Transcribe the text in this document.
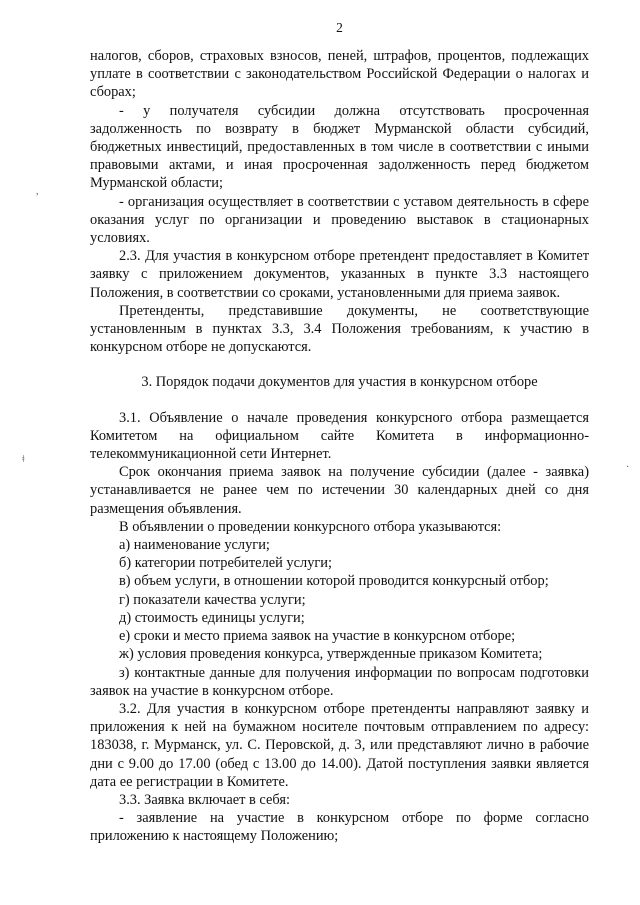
2

налогов, сборов, страховых взносов, пеней, штрафов, процентов, подлежащих уплате в соответствии с законодательством Российской Федерации о налогах и сборах;

- у получателя субсидии должна отсутствовать просроченная задолженность по возврату в бюджет Мурманской области субсидий, бюджетных инвестиций, предоставленных в том числе в соответствии с иными правовыми актами, и иная просроченная задолженность перед бюджетом Мурманской области;

- организация осуществляет в соответствии с уставом деятельность в сфере оказания услуг по организации и проведению выставок в стационарных условиях.

2.3. Для участия в конкурсном отборе претендент предоставляет в Комитет заявку с приложением документов, указанных в пункте 3.3 настоящего Положения, в соответствии со сроками, установленными для приема заявок.

Претенденты, представившие документы, не соответствующие установленным в пунктах 3.3, 3.4 Положения требованиям, к участию в конкурсном отборе не допускаются.

3. Порядок подачи документов для участия в конкурсном отборе

3.1. Объявление о начале проведения конкурсного отбора размещается Комитетом на официальном сайте Комитета в информационно-телекоммуникационной сети Интернет.

Срок окончания приема заявок на получение субсидии (далее - заявка) устанавливается не ранее чем по истечении 30 календарных дней со дня размещения объявления.

В объявлении о проведении конкурсного отбора указываются:

а) наименование услуги;

б) категории потребителей услуги;

в) объем услуги, в отношении которой проводится конкурсный отбор;

г) показатели качества услуги;

д) стоимость единицы услуги;

е) сроки и место приема заявок на участие в конкурсном отборе;

ж) условия проведения конкурса, утвержденные приказом Комитета;

з) контактные данные для получения информации по вопросам подготовки заявок на участие в конкурсном отборе.

3.2. Для участия в конкурсном отборе претенденты направляют заявку и приложения к ней на бумажном носителе почтовым отправлением по адресу: 183038, г. Мурманск, ул. С. Перовской, д. 3, или представляют лично в рабочие дни с 9.00 до 17.00 (обед с 13.00 до 14.00). Датой поступления заявки является дата ее регистрации в Комитете.

3.3. Заявка включает в себя:

- заявление на участие в конкурсном отборе по форме согласно приложению к настоящему Положению;

,
ǂ
·
